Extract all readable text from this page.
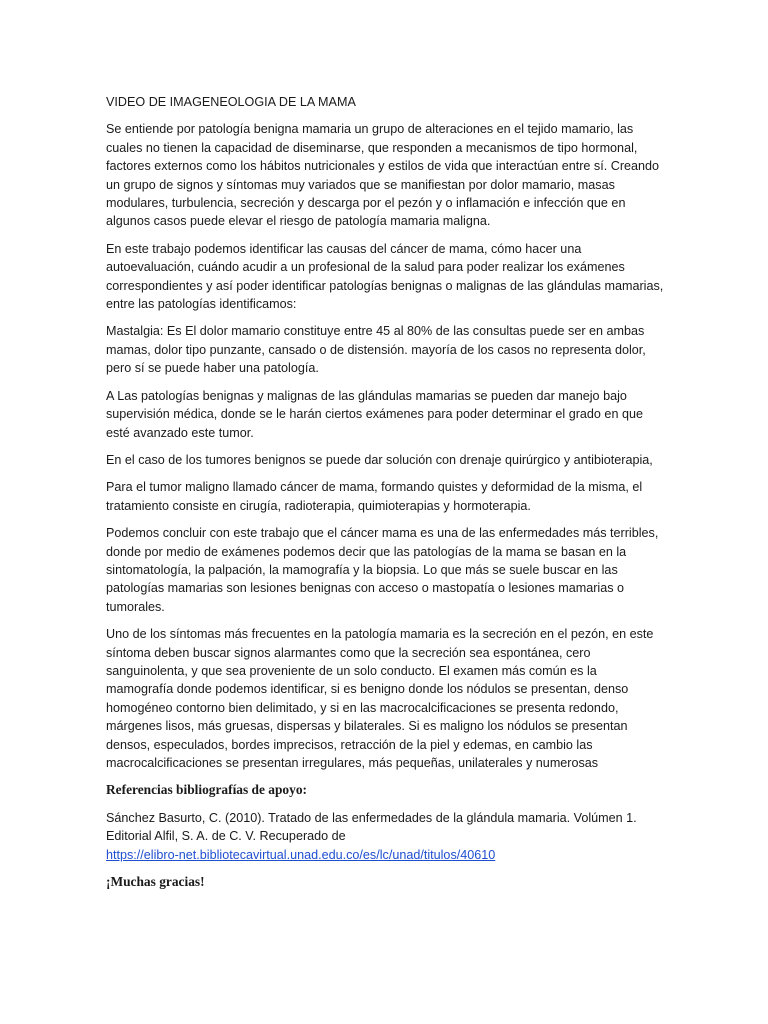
VIDEO DE IMAGENEOLOGIA DE LA MAMA

Se entiende por patología benigna mamaria un grupo de alteraciones en el tejido mamario, las cuales no tienen la capacidad de diseminarse, que responden a mecanismos de tipo hormonal, factores externos como los hábitos nutricionales y estilos de vida que interactúan entre sí. Creando un grupo de signos y síntomas muy variados que se manifiestan por dolor mamario, masas modulares, turbulencia, secreción y descarga por el pezón y o inflamación e infección que en algunos casos puede elevar el riesgo de patología mamaria maligna.

En este trabajo podemos identificar las causas del cáncer de mama, cómo hacer una autoevaluación, cuándo acudir a un profesional de la salud para poder realizar los exámenes correspondientes y así poder identificar patologías benignas o malignas de las glándulas mamarias, entre las patologías identificamos:

Mastalgia: Es El dolor mamario constituye entre 45 al 80% de las consultas puede ser en ambas mamas, dolor tipo punzante, cansado o de distensión. mayoría de los casos no representa dolor, pero sí se puede haber una patología.

A Las patologías benignas y malignas de las glándulas mamarias se pueden dar manejo bajo supervisión médica, donde se le harán ciertos exámenes para poder determinar el grado en que esté avanzado este tumor.

En el caso de los tumores benignos se puede dar solución con drenaje quirúrgico y antibioterapia,

Para el tumor maligno llamado cáncer de mama, formando quistes y deformidad de la misma, el tratamiento consiste en cirugía, radioterapia, quimioterapias y hormoterapia.

Podemos concluir con este trabajo que el cáncer mama es una de las enfermedades más terribles, donde por medio de exámenes podemos decir que las patologías de la mama se basan en la sintomatología, la palpación, la mamografía y la biopsia. Lo que más se suele buscar en las patologías mamarias son lesiones benignas con acceso o mastopatía o lesiones mamarias o tumorales.

Uno de los síntomas más frecuentes en la patología mamaria es la secreción en el pezón, en este síntoma deben buscar signos alarmantes como que la secreción sea espontánea, cero sanguinolenta, y que sea proveniente de un solo conducto. El examen más común es la mamografía donde podemos identificar, si es benigno donde los nódulos se presentan, denso homogéneo contorno bien delimitado, y si en las macrocalcificaciones se presenta redondo, márgenes lisos, más gruesas, dispersas y bilaterales. Si es maligno los nódulos se presentan densos, especulados, bordes imprecisos, retracción de la piel y edemas, en cambio las macrocalcificaciones se presentan irregulares, más pequeñas, unilaterales y numerosas

Referencias bibliografías de apoyo:

Sánchez Basurto, C. (2010). Tratado de las enfermedades de la glándula mamaria. Volúmen 1. Editorial Alfil, S. A. de C. V. Recuperado de
https://elibro-net.bibliotecavirtual.unad.edu.co/es/lc/unad/titulos/40610

¡Muchas gracias!
